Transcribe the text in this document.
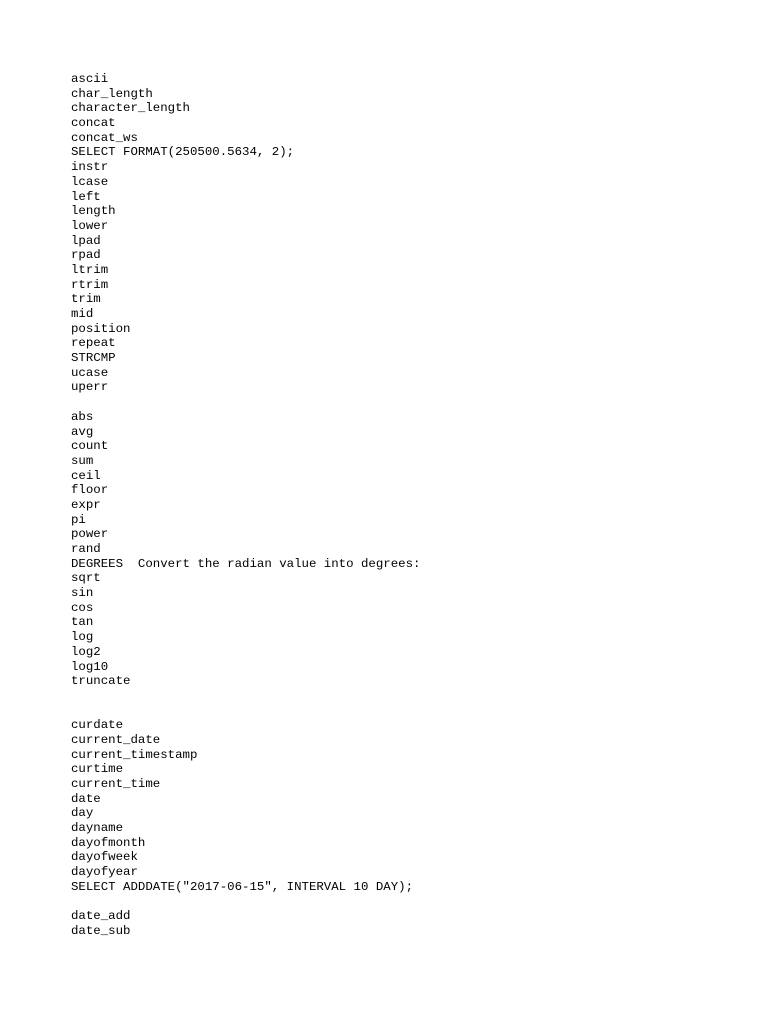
ascii
char_length
character_length
concat
concat_ws
SELECT FORMAT(250500.5634, 2);
instr
lcase
left
length
lower
lpad
rpad
ltrim
rtrim
trim
mid
position
repeat
STRCMP
ucase
uperr
abs
avg
count
sum
ceil
floor
expr
pi
power
rand
DEGREES  Convert the radian value into degrees:
sqrt
sin
cos
tan
log
log2
log10
truncate
curdate
current_date
current_timestamp
curtime
current_time
date
day
dayname
dayofmonth
dayofweek
dayofyear
SELECT ADDDATE("2017-06-15", INTERVAL 10 DAY);
date_add
date_sub
